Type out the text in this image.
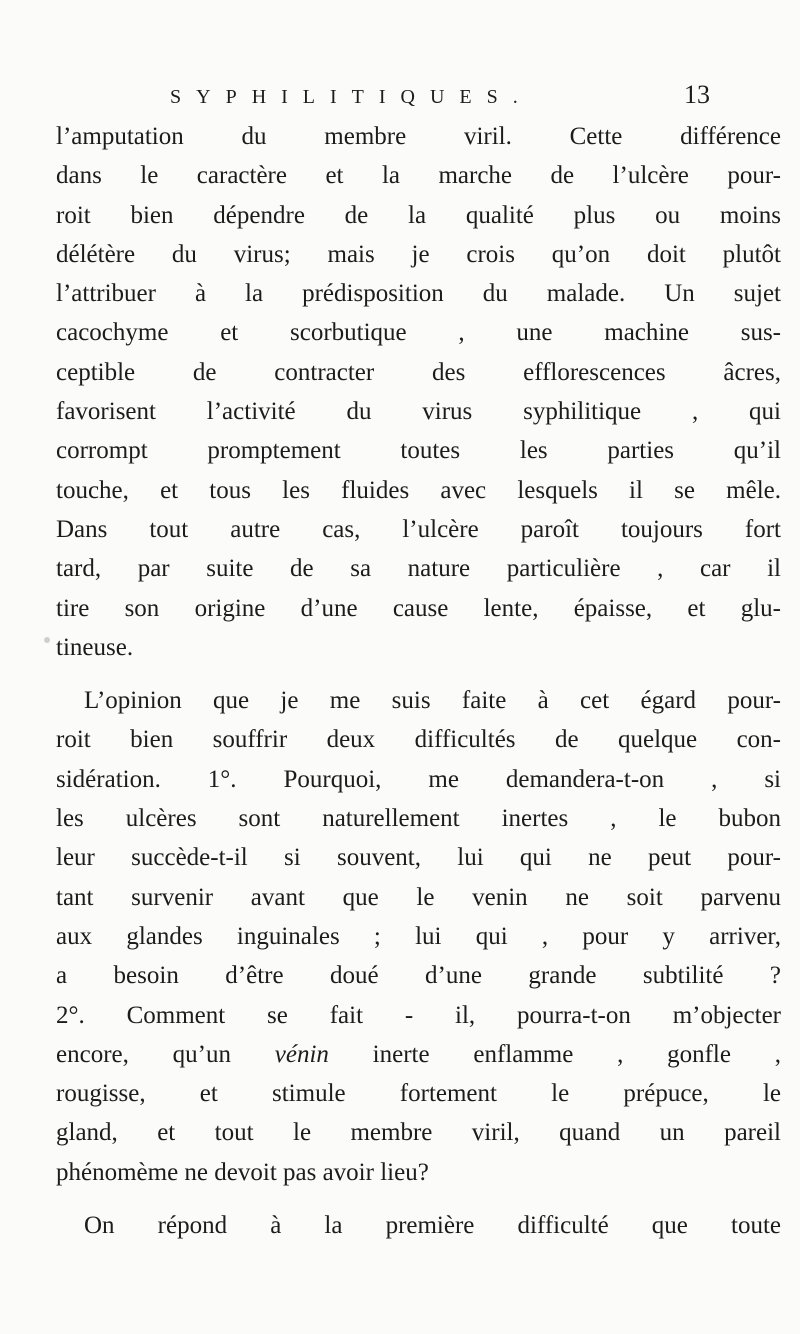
SYPHILITIQUES.	13
l’amputation du membre viril. Cette différence
dans le caractère et la marche de l’ulcère pour-
roit bien dépendre de la qualité plus ou moins
délétère du virus; mais je crois qu’on doit plutôt
l’attribuer à la prédisposition du malade. Un sujet
cacochyme et scorbutique , une machine sus-
ceptible de contracter des efflorescences âcres,
favorisent l’activité du virus syphilitique , qui
corrompt promptement toutes les parties qu’il
touche, et tous les fluides avec lesquels il se mêle.
Dans tout autre cas, l’ulcère paroît toujours fort
tard, par suite de sa nature particulière , car il
tire son origine d’une cause lente, épaisse, et glu-
tineuse.
L’opinion que je me suis faite à cet égard pour-
roit bien souffrir deux difficultés de quelque con-
sidération. 1°. Pourquoi, me demandera-t-on , si
les ulcères sont naturellement inertes , le bubon
leur succède-t-il si souvent, lui qui ne peut pour-
tant survenir avant que le venin ne soit parvenu
aux glandes inguinales ; lui qui , pour y arriver,
a besoin d’être doué d’une grande subtilité ?
2°. Comment se fait - il, pourra-t-on m’objecter
encore, qu’un vénin inerte enflamme , gonfle ,
rougisse, et stimule fortement le prépuce, le
gland, et tout le membre viril, quand un pareil
phénomème ne devoit pas avoir lieu?
On répond à la première difficulté que toute
